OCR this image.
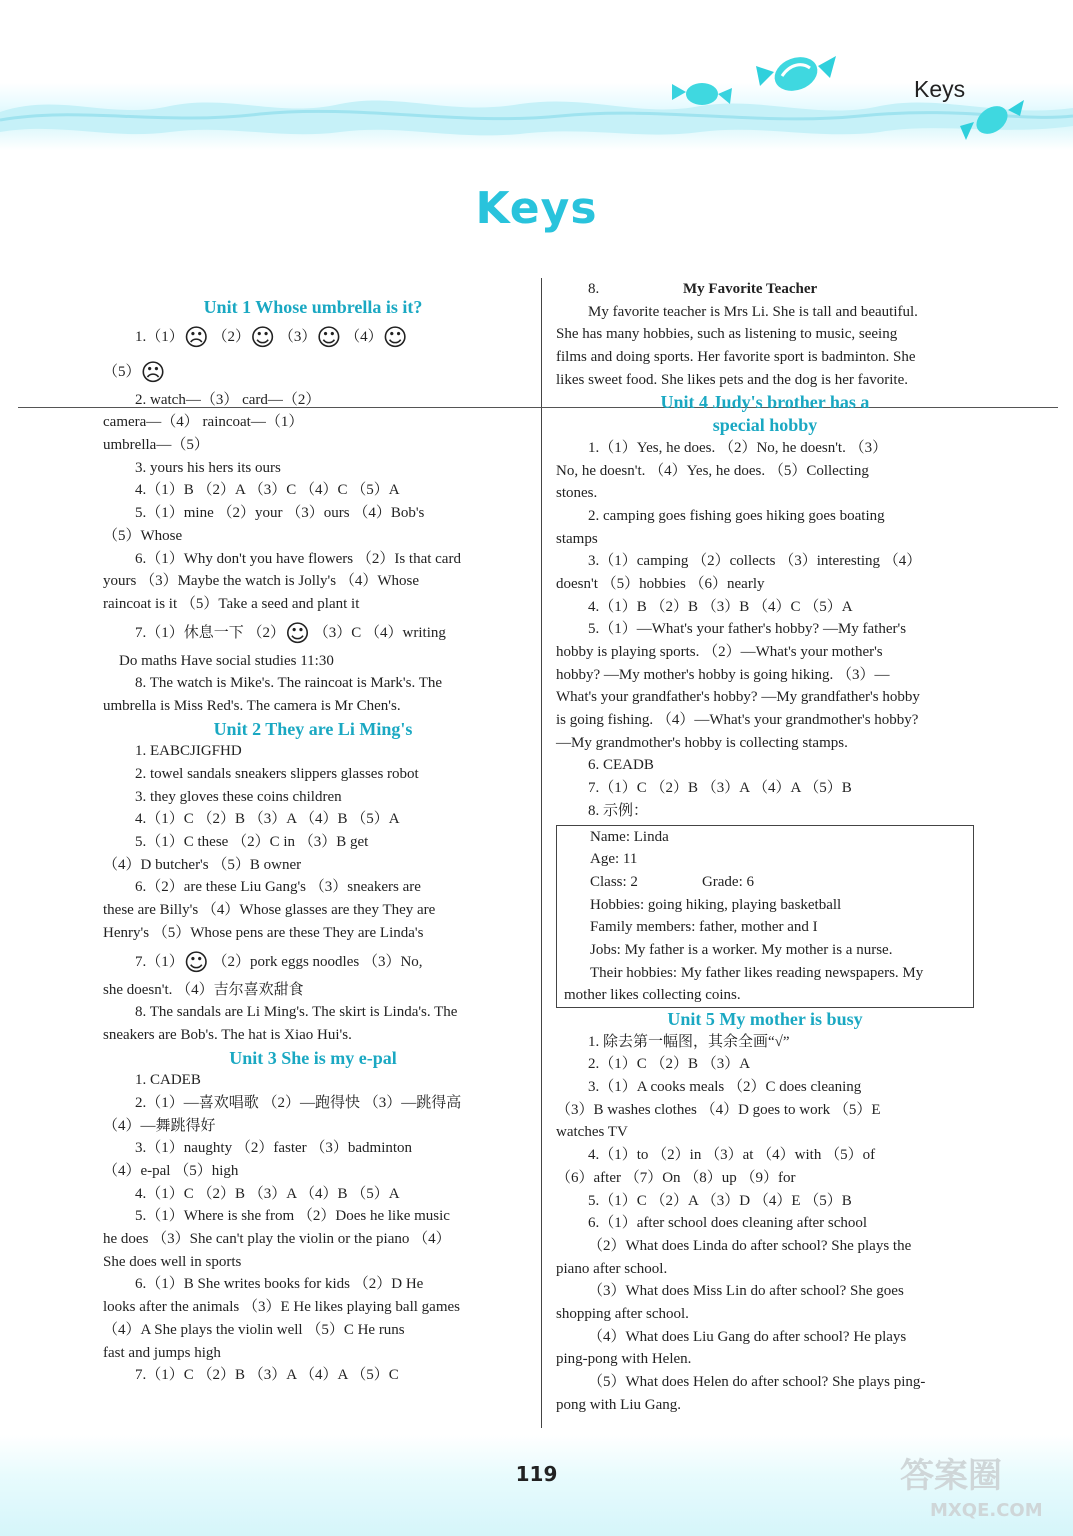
Keys
Keys
Unit 1 Whose umbrella is it?
1.（1）☹ （2）☺ （3）☺ （4）☺
（5）☹
2. watch—（3） card—（2）
camera—（4） raincoat—（1）
umbrella—（5）
3. yours his hers its ours
4.（1）B （2）A （3）C （4）C （5）A
5.（1）mine （2）your （3）ours （4）Bob's
（5）Whose
6.（1）Why don't you have flowers （2）Is that card
yours （3）Maybe the watch is Jolly's （4）Whose
raincoat is it （5）Take a seed and plant it
7.（1）休息一下 （2）☺ （3）C （4）writing
Do maths Have social studies 11:30
8. The watch is Mike's. The raincoat is Mark's. The
umbrella is Miss Red's. The camera is Mr Chen's.
Unit 2 They are Li Ming's
1. EABCJIGFHD
2. towel sandals sneakers slippers glasses robot
3. they gloves these coins children
4.（1）C （2）B （3）A （4）B （5）A
5.（1）C these （2）C in （3）B get
（4）D butcher's （5）B owner
6.（2）are these Liu Gang's （3）sneakers are
these are Billy's （4）Whose glasses are they They are
Henry's （5）Whose pens are these They are Linda's
7.（1）☺ （2）pork eggs noodles （3）No,
she doesn't. （4）吉尔喜欢甜食
8. The sandals are Li Ming's. The skirt is Linda's. The
sneakers are Bob's. The hat is Xiao Hui's.
Unit 3 She is my e-pal
1. CADEB
2.（1）—喜欢唱歌 （2）—跑得快 （3）—跳得高
（4）—舞跳得好
3.（1）naughty （2）faster （3）badminton
（4）e-pal （5）high
4.（1）C （2）B （3）A （4）B （5）A
5.（1）Where is she from （2）Does he like music
he does （3）She can't play the violin or the piano （4）
She does well in sports
6.（1）B She writes books for kids （2）D He
looks after the animals （3）E He likes playing ball games
（4）A She plays the violin well （5）C He runs
fast and jumps high
7.（1）C （2）B （3）A （4）A （5）C
8.	My Favorite Teacher
My favorite teacher is Mrs Li. She is tall and beautiful.
She has many hobbies, such as listening to music, seeing
films and doing sports. Her favorite sport is badminton. She
likes sweet food. She likes pets and the dog is her favorite.
Unit 4 Judy's brother has a
special hobby
1.（1）Yes, he does. （2）No, he doesn't. （3）
No, he doesn't. （4）Yes, he does. （5）Collecting
stones.
2. camping goes fishing goes hiking goes boating
stamps
3.（1）camping （2）collects （3）interesting （4）
doesn't （5）hobbies （6）nearly
4.（1）B （2）B （3）B （4）C （5）A
5.（1）—What's your father's hobby? —My father's
hobby is playing sports. （2）—What's your mother's
hobby? —My mother's hobby is going hiking. （3）—
What's your grandfather's hobby? —My grandfather's hobby
is going fishing. （4）—What's your grandmother's hobby?
—My grandmother's hobby is collecting stamps.
6. CEADB
7.（1）C （2）B （3）A （4）A （5）B
8. 示例：
Name: Linda
Age: 11
Class: 2	Grade: 6
Hobbies: going hiking, playing basketball
Family members: father, mother and I
Jobs: My father is a worker. My mother is a nurse.
Their hobbies: My father likes reading newspapers. My
mother likes collecting coins.
Unit 5 My mother is busy
1. 除去第一幅图，其余全画“√”
2.（1）C （2）B （3）A
3.（1）A cooks meals （2）C does cleaning
（3）B washes clothes （4）D goes to work （5）E
watches TV
4.（1）to （2）in （3）at （4）with （5）of
（6）after （7）On （8）up （9）for
5.（1）C （2）A （3）D （4）E （5）B
6.（1）after school does cleaning after school
（2）What does Linda do after school? She plays the
piano after school.
（3）What does Miss Lin do after school? She goes
shopping after school.
（4）What does Liu Gang do after school? He plays
ping-pong with Helen.
（5）What does Helen do after school? She plays ping-
pong with Liu Gang.
119	答案圈
MXQE.COM
